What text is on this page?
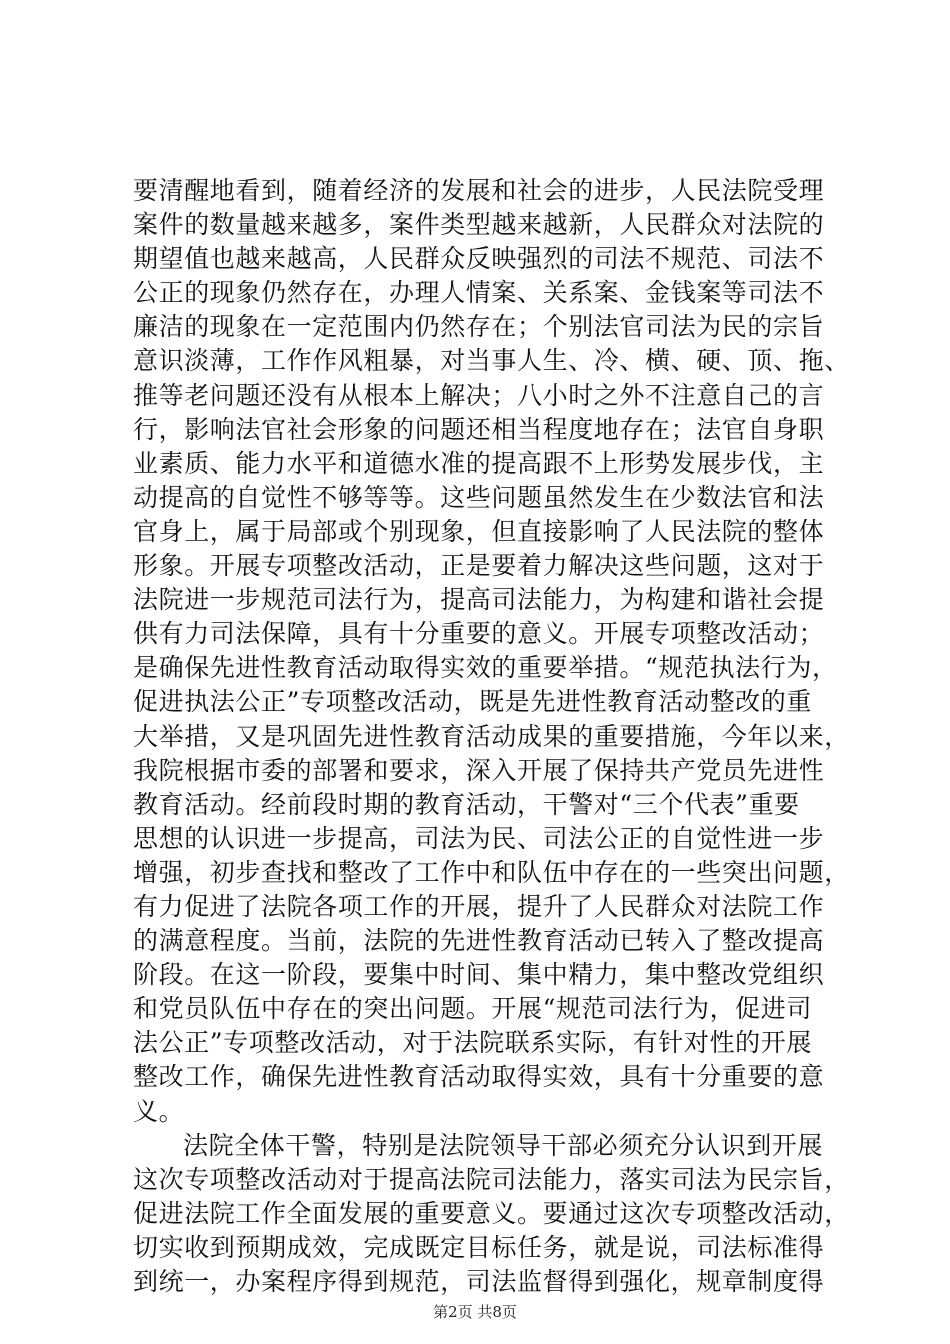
要清醒地看到，随着经济的发展和社会的进步，人民法院受理
案件的数量越来越多，案件类型越来越新，人民群众对法院的
期望值也越来越高，人民群众反映强烈的司法不规范、司法不
公正的现象仍然存在，办理人情案、关系案、金钱案等司法不
廉洁的现象在一定范围内仍然存在；个别法官司法为民的宗旨
意识淡薄，工作作风粗暴，对当事人生、冷、横、硬、顶、拖、
推等老问题还没有从根本上解决；八小时之外不注意自己的言
行，影响法官社会形象的问题还相当程度地存在；法官自身职
业素质、能力水平和道德水准的提高跟不上形势发展步伐，主
动提高的自觉性不够等等。这些问题虽然发生在少数法官和法
官身上，属于局部或个别现象，但直接影响了人民法院的整体
形象。开展专项整改活动，正是要着力解决这些问题，这对于
法院进一步规范司法行为，提高司法能力，为构建和谐社会提
供有力司法保障，具有十分重要的意义。开展专项整改活动；
是确保先进性教育活动取得实效的重要举措。“规范执法行为，
促进执法公正”专项整改活动，既是先进性教育活动整改的重
大举措，又是巩固先进性教育活动成果的重要措施，今年以来，
我院根据市委的部署和要求，深入开展了保持共产党员先进性
教育活动。经前段时期的教育活动，干警对“三个代表”重要
思想的认识进一步提高，司法为民、司法公正的自觉性进一步
增强，初步查找和整改了工作中和队伍中存在的一些突出问题，
有力促进了法院各项工作的开展，提升了人民群众对法院工作
的满意程度。当前，法院的先进性教育活动已转入了整改提高
阶段。在这一阶段，要集中时间、集中精力，集中整改党组织
和党员队伍中存在的突出问题。开展“规范司法行为，促进司
法公正”专项整改活动，对于法院联系实际，有针对性的开展
整改工作，确保先进性教育活动取得实效，具有十分重要的意
义。
法院全体干警，特别是法院领导干部必须充分认识到开展
这次专项整改活动对于提高法院司法能力，落实司法为民宗旨，
促进法院工作全面发展的重要意义。要通过这次专项整改活动，
切实收到预期成效，完成既定目标任务，就是说，司法标准得
到统一，办案程序得到规范，司法监督得到强化，规章制度得
第2页 共8页
